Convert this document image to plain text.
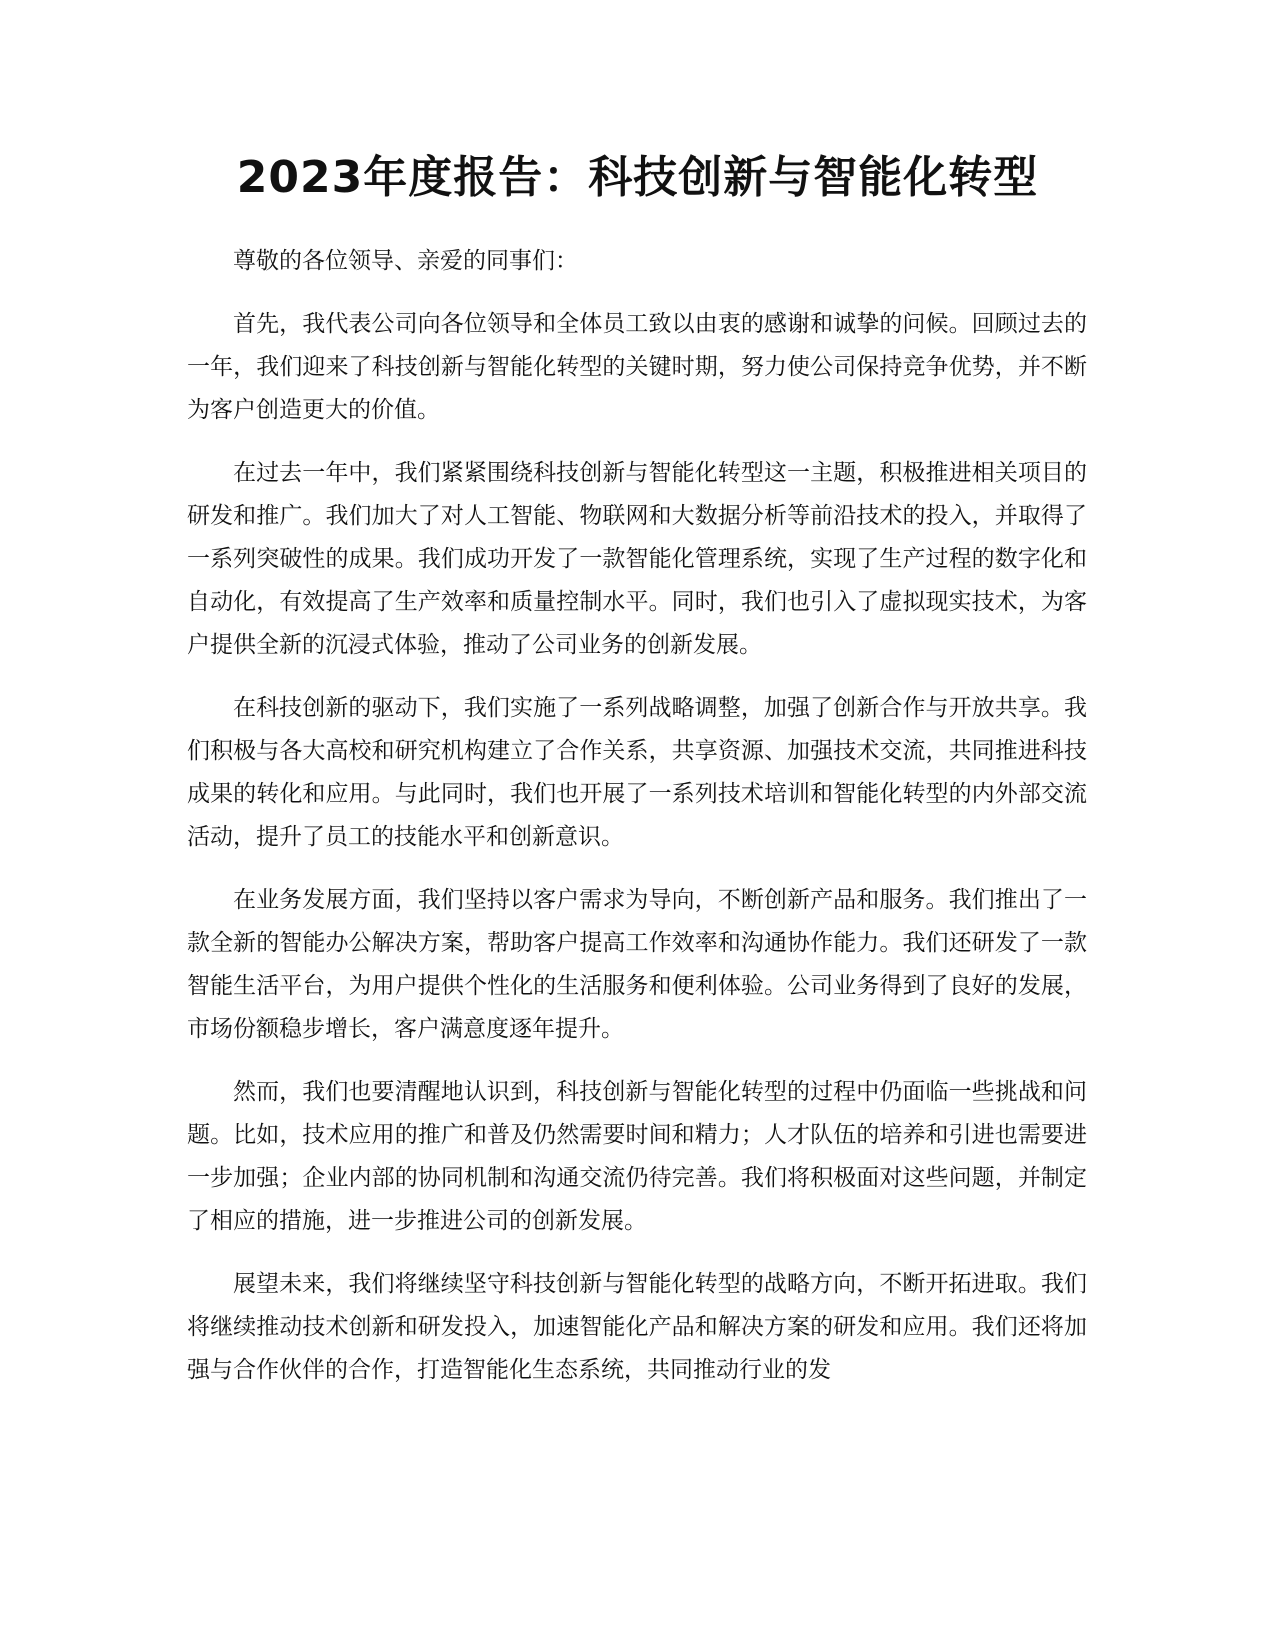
2023年度报告：科技创新与智能化转型

尊敬的各位领导、亲爱的同事们：

首先，我代表公司向各位领导和全体员工致以由衷的感谢和诚挚的问候。回顾过去的一年，我们迎来了科技创新与智能化转型的关键时期，努力使公司保持竞争优势，并不断为客户创造更大的价值。

在过去一年中，我们紧紧围绕科技创新与智能化转型这一主题，积极推进相关项目的研发和推广。我们加大了对人工智能、物联网和大数据分析等前沿技术的投入，并取得了一系列突破性的成果。我们成功开发了一款智能化管理系统，实现了生产过程的数字化和自动化，有效提高了生产效率和质量控制水平。同时，我们也引入了虚拟现实技术，为客户提供全新的沉浸式体验，推动了公司业务的创新发展。

在科技创新的驱动下，我们实施了一系列战略调整，加强了创新合作与开放共享。我们积极与各大高校和研究机构建立了合作关系，共享资源、加强技术交流，共同推进科技成果的转化和应用。与此同时，我们也开展了一系列技术培训和智能化转型的内外部交流活动，提升了员工的技能水平和创新意识。

在业务发展方面，我们坚持以客户需求为导向，不断创新产品和服务。我们推出了一款全新的智能办公解决方案，帮助客户提高工作效率和沟通协作能力。我们还研发了一款智能生活平台，为用户提供个性化的生活服务和便利体验。公司业务得到了良好的发展，市场份额稳步增长，客户满意度逐年提升。

然而，我们也要清醒地认识到，科技创新与智能化转型的过程中仍面临一些挑战和问题。比如，技术应用的推广和普及仍然需要时间和精力；人才队伍的培养和引进也需要进一步加强；企业内部的协同机制和沟通交流仍待完善。我们将积极面对这些问题，并制定了相应的措施，进一步推进公司的创新发展。

展望未来，我们将继续坚守科技创新与智能化转型的战略方向，不断开拓进取。我们将继续推动技术创新和研发投入，加速智能化产品和解决方案的研发和应用。我们还将加强与合作伙伴的合作，打造智能化生态系统，共同推动行业的发
